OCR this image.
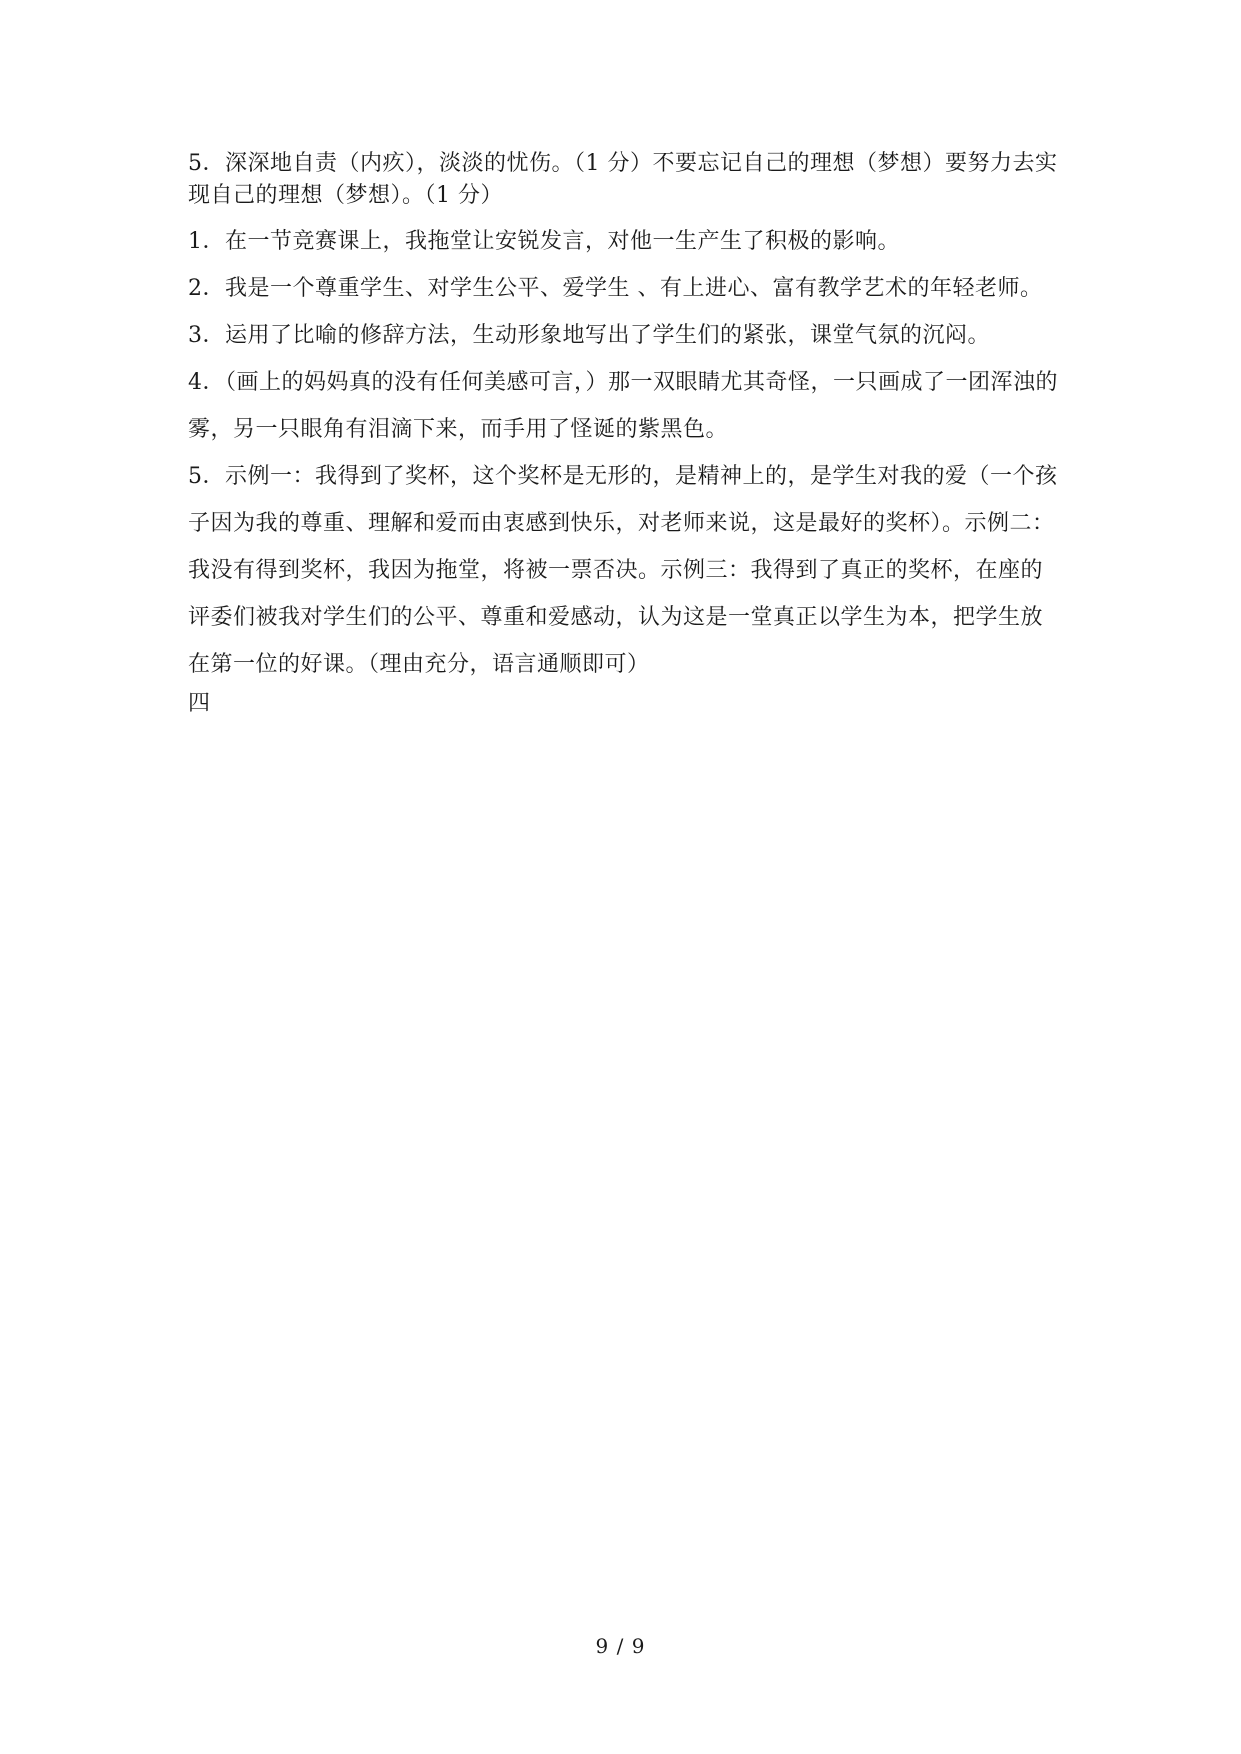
5．深深地自责（内疚），淡淡的忧伤。（1 分）不要忘记自己的理想（梦想）要努力去实现自己的理想（梦想）。（1 分）

1．在一节竞赛课上，我拖堂让安锐发言，对他一生产生了积极的影响。

2．我是一个尊重学生、对学生公平、爱学生 、有上进心、富有教学艺术的年轻老师。

3．运用了比喻的修辞方法，生动形象地写出了学生们的紧张，课堂气氛的沉闷。

4．（画上的妈妈真的没有任何美感可言，）那一双眼睛尤其奇怪，一只画成了一团浑浊的雾，另一只眼角有泪滴下来，而手用了怪诞的紫黑色。

5．示例一：我得到了奖杯，这个奖杯是无形的，是精神上的，是学生对我的爱（一个孩子因为我的尊重、理解和爱而由衷感到快乐，对老师来说，这是最好的奖杯）。示例二：我没有得到奖杯，我因为拖堂，将被一票否决。示例三：我得到了真正的奖杯，在座的评委们被我对学生们的公平、尊重和爱感动，认为这是一堂真正以学生为本，把学生放在第一位的好课。（理由充分，语言通顺即可）

四

9 / 9
